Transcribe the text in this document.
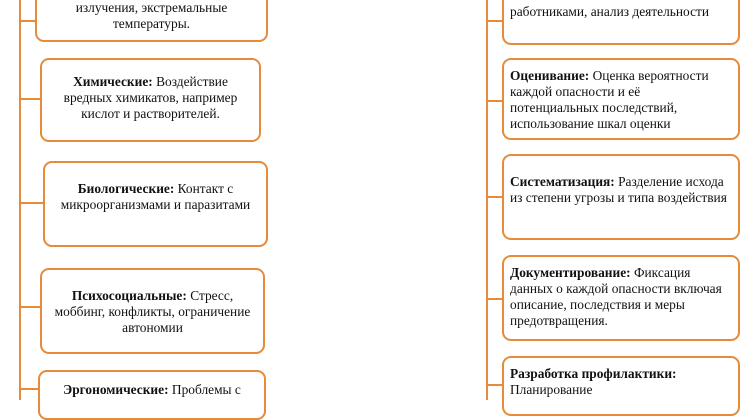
излучения, экстремальные температуры.
Химические: Воздействие вредных химикатов, например кислот и растворителей.
Биологические: Контакт с микроорганизмами и паразитами
Психосоциальные: Стресс, моббинг, конфликты, ограничение автономии
Эргономические: Проблемы с
работниками, анализ деятельности
Оценивание: Оценка вероятности каждой опасности и её потенциальных последствий, использование шкал оценки
Систематизация: Разделение исхода из степени угрозы и типа воздействия
Документирование: Фиксация данных о каждой опасности включая описание, последствия и меры предотвращения.
Разработка профилактики: Планирование
